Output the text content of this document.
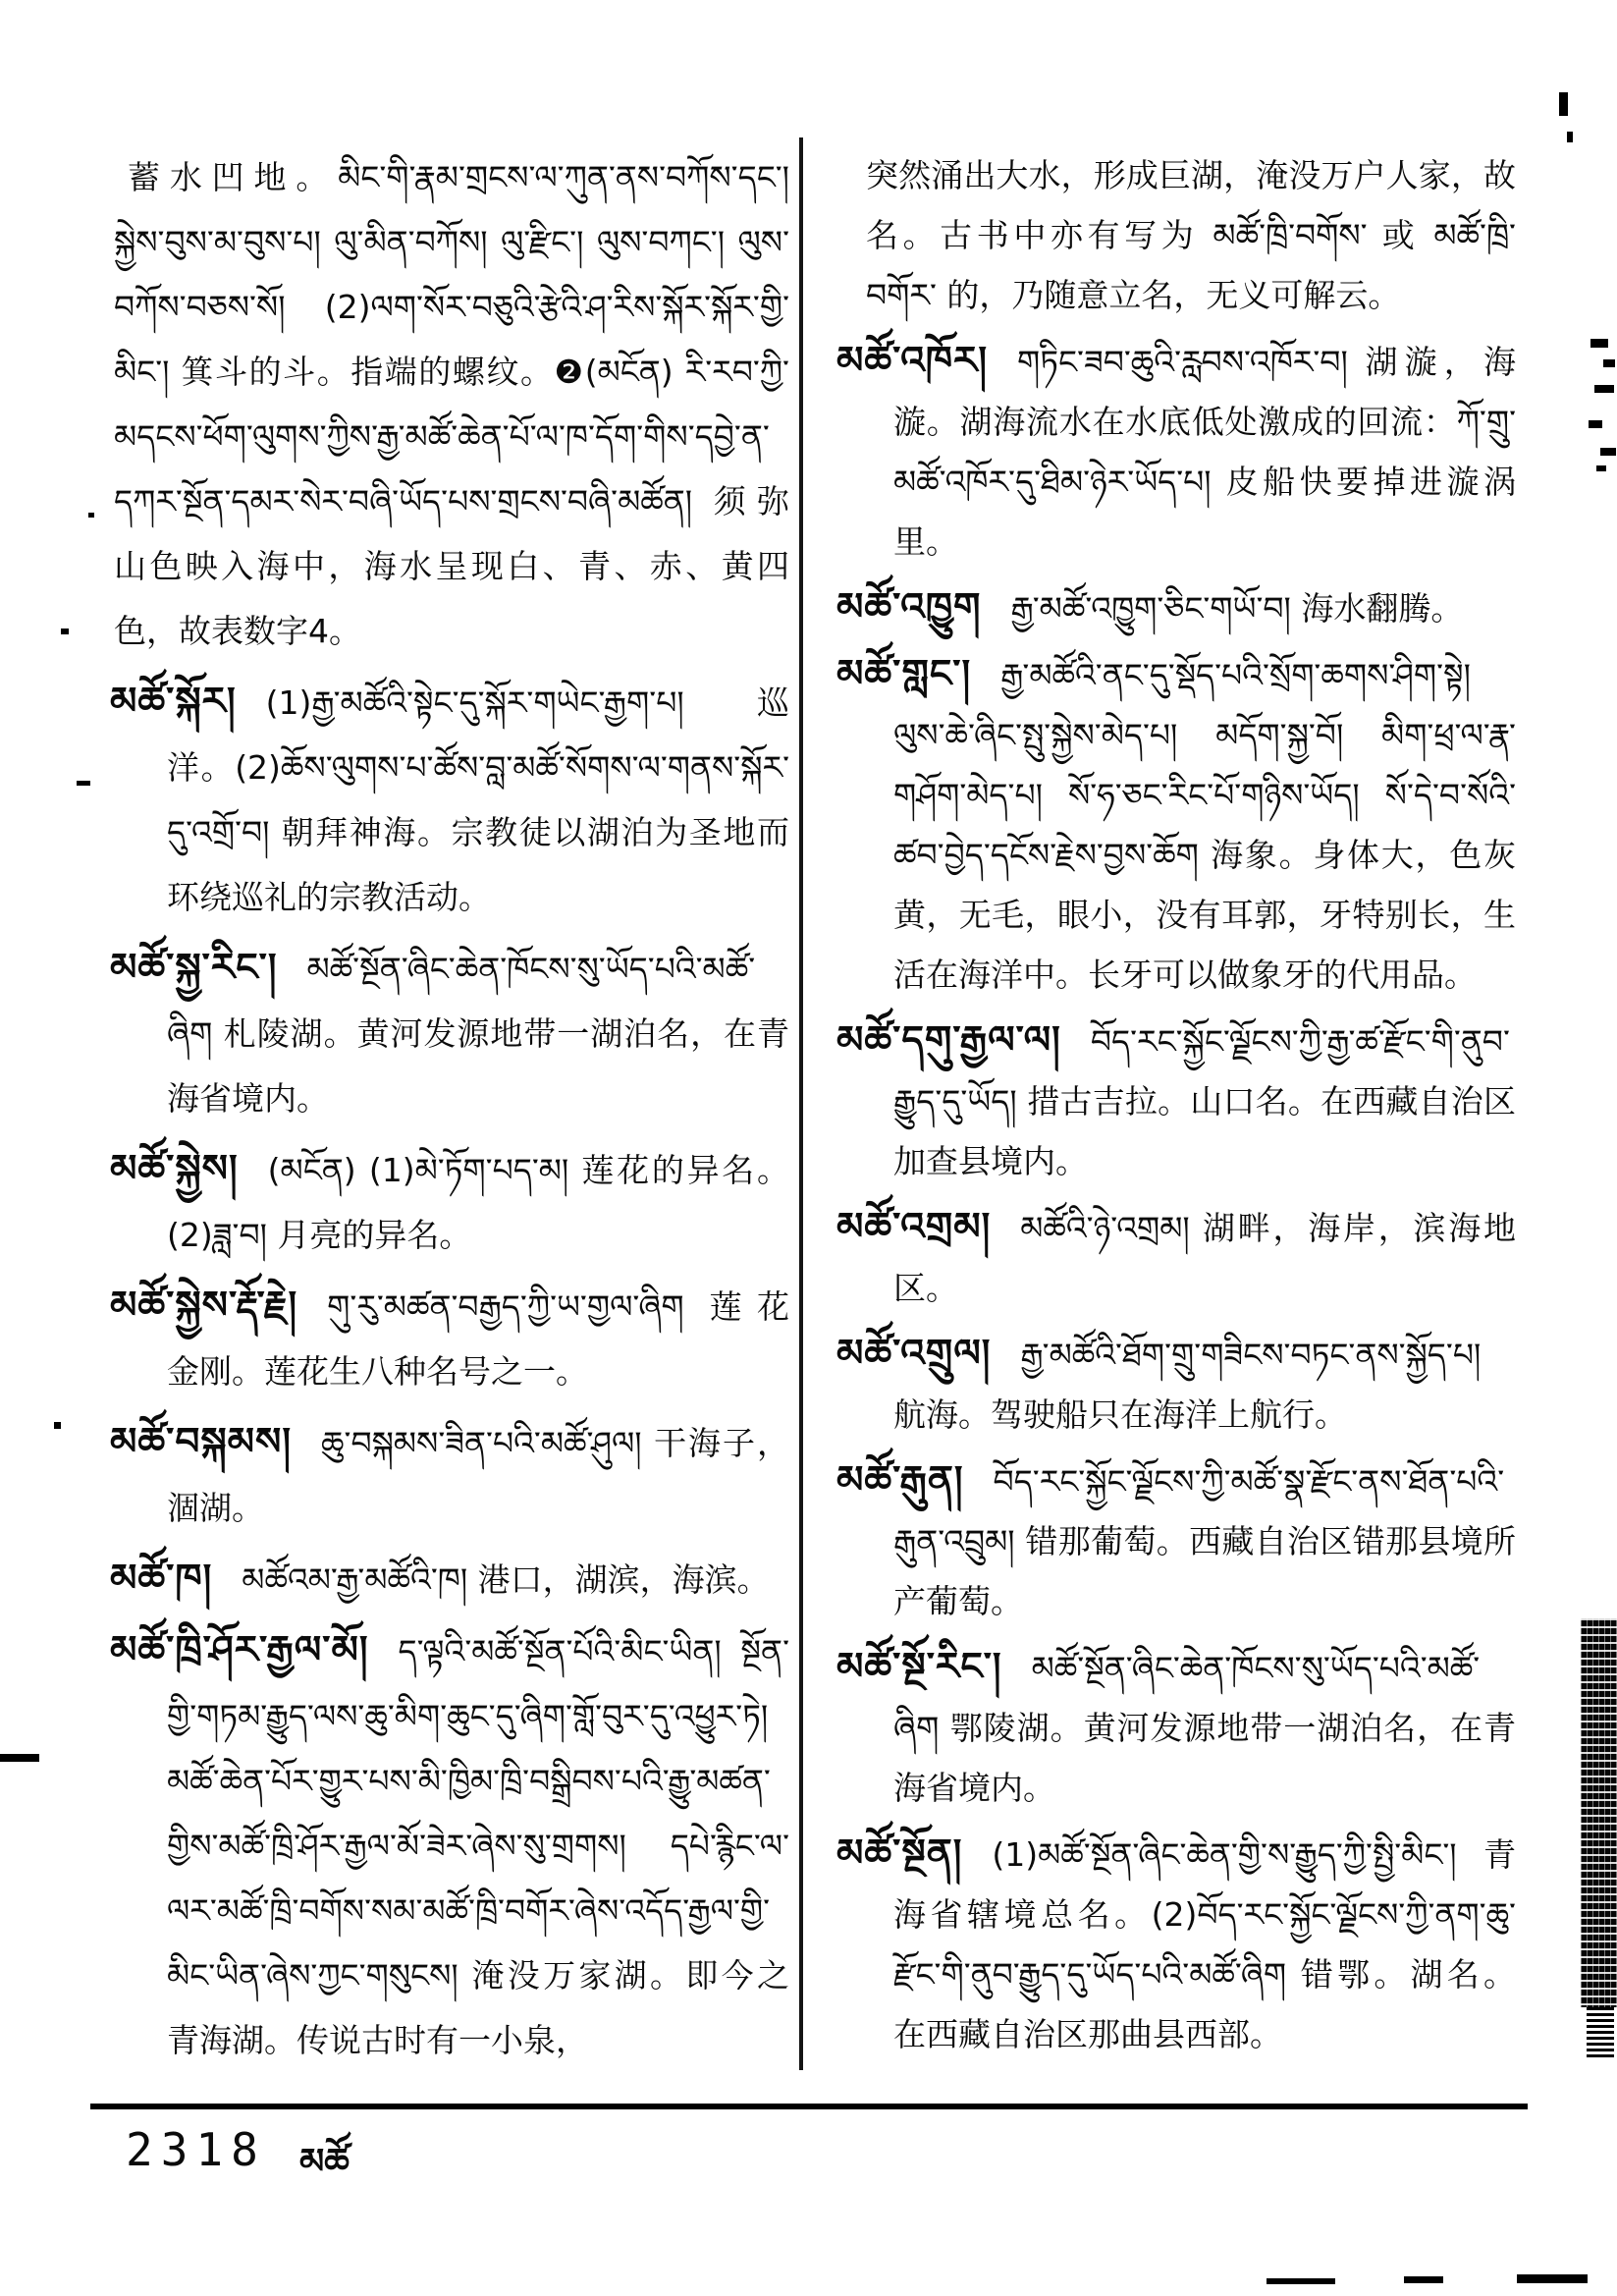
蓄水凹地。མིང་གི་རྣམ་གྲངས་ལ་ཀུན་ནས་བཀོས་དང་། སྐྱེས་བུས་མ་བུས་པ། ལུ་མིན་བཀོས། ལུ་རྫིང་། ལུས་བཀང་། ལུས་བཀོས་བཅས་སོ། (2)ལག་སོར་བཅུའི་རྩེའི་ཤ་རིས་སྐོར་སྐོར་གྱི་མིང་། 箕斗的斗。指端的螺纹。❷(མངོན) རི་རབ་ཀྱི་མདངས་ཕོག་ལུགས་ཀྱིས་རྒྱ་མཚོ་ཆེན་པོ་ལ་ཁ་དོག་གིས་དབྱེ་ན་དཀར་སྔོན་དམར་སེར་བཞི་ཡོད་པས་གྲངས་བཞི་མཚོན། 须弥山色映入海中，海水呈现白、青、赤、黄四色，故表数字4。

མཚོ་སྐོར། (1)རྒྱ་མཚོའི་སྟེང་དུ་སྐོར་གཡེང་རྒྱག་པ། 巡洋。(2)ཆོས་ལུགས་པ་ཚོས་བླ་མཚོ་སོགས་ལ་གནས་སྐོར་དུ་འགྲོ་བ། 朝拜神海。宗教徒以湖泊为圣地而环绕巡礼的宗教活动。

མཚོ་སྐྱ་རིང་། མཚོ་སྔོན་ཞིང་ཆེན་ཁོངས་སུ་ཡོད་པའི་མཚོ་ཞིག 札陵湖。黄河发源地带一湖泊名，在青海省境内。

མཚོ་སྐྱེས། (མངོན) (1)མེ་ཏོག་པད་མ། 莲花的异名。(2)ཟླ་བ། 月亮的异名。

མཚོ་སྐྱེས་རྡོ་རྗེ། གུ་རུ་མཚན་བརྒྱད་ཀྱི་ཡ་གྱལ་ཞིག 莲花金刚。莲花生八种名号之一。

མཚོ་བསྐམས། ཆུ་བསྐམས་ཟིན་པའི་མཚོ་ཤུལ། 干海子，涸湖。

མཚོ་ཁ། མཚོའམ་རྒྱ་མཚོའི་ཁ། 港口，湖滨，海滨。

མཚོ་ཁྲི་ཤོར་རྒྱལ་མོ། ད་ལྟའི་མཚོ་སྔོན་པོའི་མིང་ཡིན། སྔོན་གྱི་གཏམ་རྒྱུད་ལས་ཆུ་མིག་ཆུང་དུ་ཞིག་གློ་བུར་དུ་འཕྱུར་ཏེ། མཚོ་ཆེན་པོར་གྱུར་པས་མི་ཁྱིམ་ཁྲི་བསྒྲིབས་པའི་རྒྱུ་མཚན་གྱིས་མཚོ་ཁྲི་ཤོར་རྒྱལ་མོ་ཟེར་ཞེས་སུ་གྲགས། དཔེ་རྙིང་ལ་ལར་མཚོ་ཁྲི་བགོས་སམ་མཚོ་ཁྲི་བགོར་ཞེས་འདོད་རྒྱལ་གྱི་མིང་ཡིན་ཞེས་ཀྱང་གསུངས། 淹没万家湖。即今之青海湖。传说古时有一小泉，

突然涌出大水，形成巨湖，淹没万户人家，故名。古书中亦有写为 མཚོ་ཁྲི་བགོས་ 或 མཚོ་ཁྲི་བགོར་ 的，乃随意立名，无义可解云。

མཚོ་འཁོར། གཏིང་ཟབ་ཆུའི་རླབས་འཁོར་བ། 湖漩，海漩。湖海流水在水底低处激成的回流：ཀོ་གྲུ་མཚོ་འཁོར་དུ་ཐིམ་ཉེར་ཡོད་པ། 皮船快要掉进漩涡里。

མཚོ་འཁྱུག རྒྱ་མཚོ་འཁྱུག་ཅིང་གཡོ་བ། 海水翻腾。

མཚོ་གླང་། རྒྱ་མཚོའི་ནང་དུ་སྡོད་པའི་སྲོག་ཆགས་ཤིག་སྟེ། ལུས་ཆེ་ཞིང་སྤུ་སྐྱེས་མེད་པ། མདོག་སྐྱ་བོ། མིག་ཕྲ་ལ་རྣ་གཤོག་མེད་པ། སོ་ཧ་ཅང་རིང་པོ་གཉིས་ཡོད། སོ་དེ་བ་སོའི་ཚབ་བྱེད་དངོས་རྗེས་བྱས་ཆོག 海象。身体大，色灰黄，无毛，眼小，没有耳郭，牙特别长，生活在海洋中。长牙可以做象牙的代用品。

མཚོ་དགུ་རྒྱལ་ལ། བོད་རང་སྐྱོང་ལྗོངས་ཀྱི་རྒྱ་ཚ་རྫོང་གི་ནུབ་རྒྱུད་དུ་ཡོད། 措古吉拉。山口名。在西藏自治区加查县境内。

མཚོ་འགྲམ། མཚོའི་ཉེ་འགྲམ། 湖畔，海岸，滨海地区。

མཚོ་འགྲུལ། རྒྱ་མཚོའི་ཐོག་གྲུ་གཟིངས་བཏང་ནས་སྐྱོད་པ། 航海。驾驶船只在海洋上航行。

མཚོ་རྒུན། བོད་རང་སྐྱོང་ལྗོངས་ཀྱི་མཚོ་སྣ་རྫོང་ནས་ཐོན་པའི་རྒུན་འབྲུམ། 错那葡萄。西藏自治区错那县境所产葡萄。

མཚོ་སྔོ་རིང་། མཚོ་སྔོན་ཞིང་ཆེན་ཁོངས་སུ་ཡོད་པའི་མཚོ་ཞིག 鄂陵湖。黄河发源地带一湖泊名，在青海省境内。

མཚོ་སྔོན། (1)མཚོ་སྔོན་ཞིང་ཆེན་གྱི་ས་རྒྱུད་ཀྱི་སྤྱི་མིང་། 青海省辖境总名。(2)བོད་རང་སྐྱོང་ལྗོངས་ཀྱི་ནག་ཆུ་རྫོང་གི་ནུབ་རྒྱུད་དུ་ཡོད་པའི་མཚོ་ཞིག 错鄂。湖名。在西藏自治区那曲县西部。

2318 མཚོ
